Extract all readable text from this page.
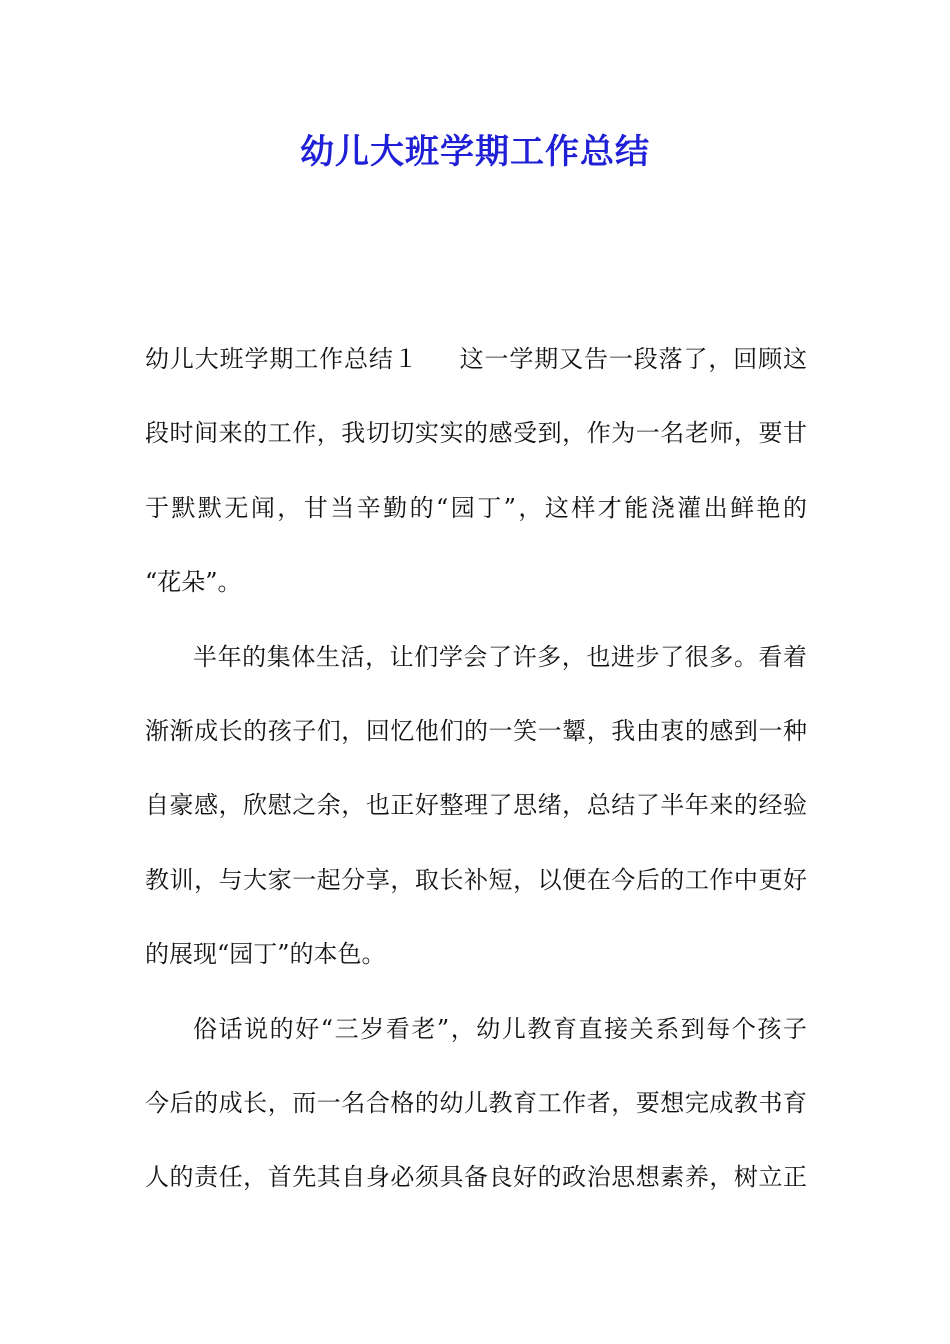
幼儿大班学期工作总结
幼儿大班学期工作总结１ 这一学期又告一段落了，回顾这
段时间来的工作，我切切实实的感受到，作为一名老师，要甘
于默默无闻，甘当辛勤的“园丁”，这样才能浇灌出鲜艳的
“花朵”。
半年的集体生活，让们学会了许多，也进步了很多。看着
渐渐成长的孩子们，回忆他们的一笑一颦，我由衷的感到一种
自豪感，欣慰之余，也正好整理了思绪，总结了半年来的经验
教训，与大家一起分享，取长补短，以便在今后的工作中更好
的展现“园丁”的本色。
俗话说的好“三岁看老”，幼儿教育直接关系到每个孩子
今后的成长，而一名合格的幼儿教育工作者，要想完成教书育
人的责任，首先其自身必须具备良好的政治思想素养，树立正
